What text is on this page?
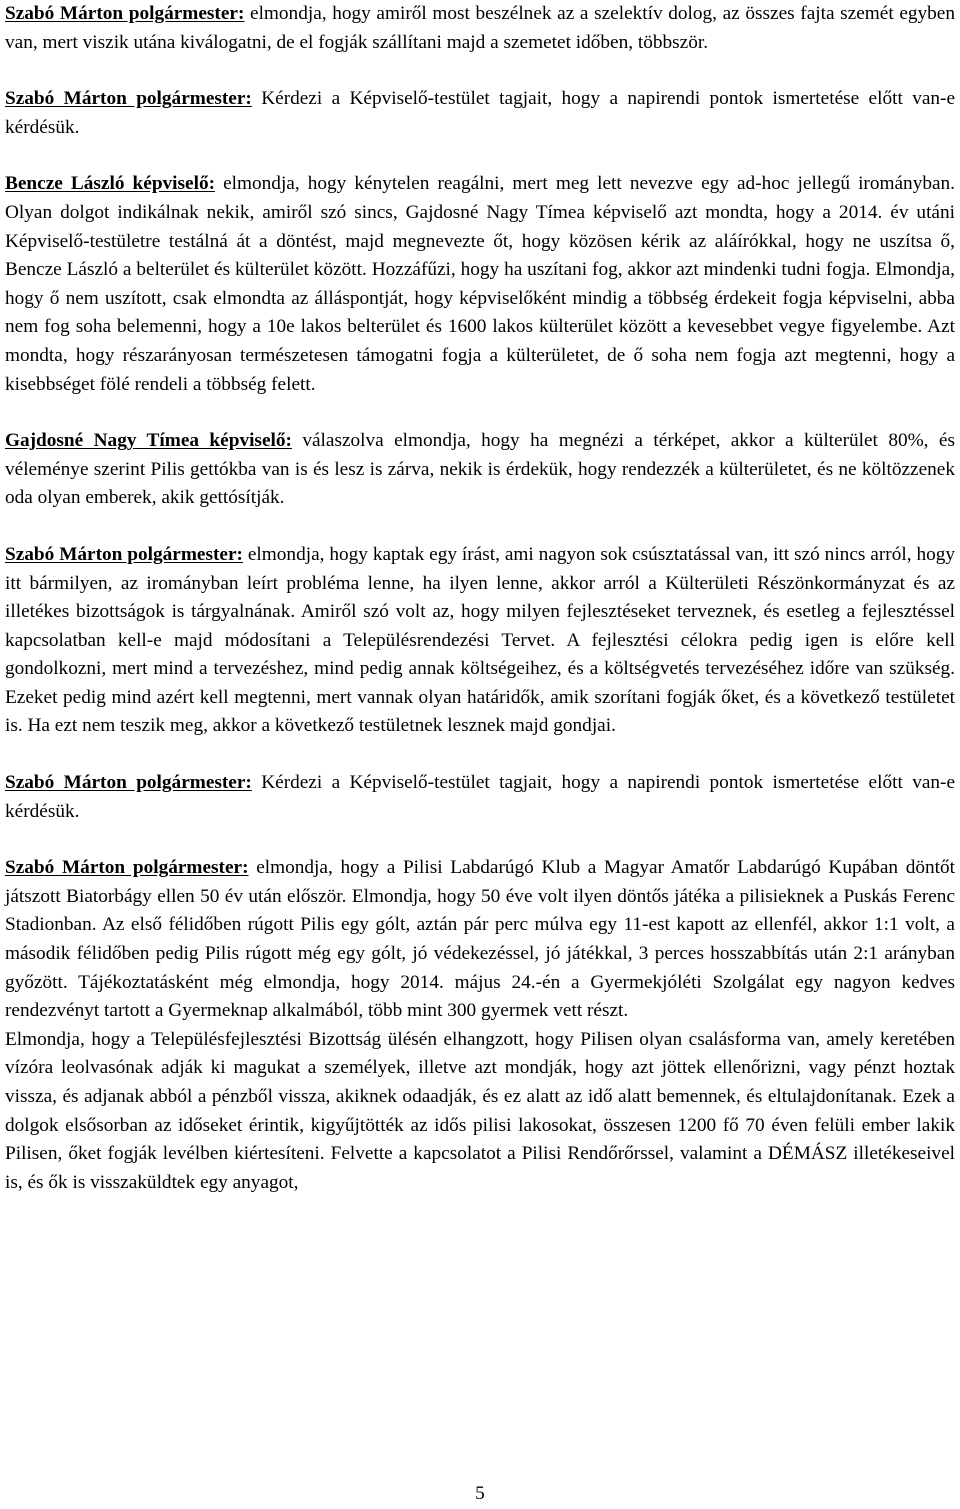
Szabó Márton polgármester: elmondja, hogy amiről most beszélnek az a szelektív dolog, az összes fajta szemét egyben van, mert viszik utána kiválogatni, de el fogják szállítani majd a szemetet időben, többször.

Szabó Márton polgármester: Kérdezi a Képviselő-testület tagjait, hogy a napirendi pontok ismertetése előtt van-e kérdésük.

Bencze László képviselő: elmondja, hogy kénytelen reagálni, mert meg lett nevezve egy ad-hoc jellegű irományban. Olyan dolgot indikálnak nekik, amiről szó sincs, Gajdosné Nagy Tímea képviselő azt mondta, hogy a 2014. év utáni Képviselő-testületre testálná át a döntést, majd megnevezte őt, hogy közösen kérik az aláírókkal, hogy ne uszítsa ő, Bencze László a belterület és külterület között. Hozzáfűzi, hogy ha uszítani fog, akkor azt mindenki tudni fogja. Elmondja, hogy ő nem uszított, csak elmondta az álláspontját, hogy képviselőként mindig a többség érdekeit fogja képviselni, abba nem fog soha belemenni, hogy a 10e lakos belterület és 1600 lakos külterület között a kevesebbet vegye figyelembe. Azt mondta, hogy részarányosan természetesen támogatni fogja a külterületet, de ő soha nem fogja azt megtenni, hogy a kisebbséget fölé rendeli a többség felett.

Gajdosné Nagy Tímea képviselő: válaszolva elmondja, hogy ha megnézi a térképet, akkor a külterület 80%, és véleménye szerint Pilis gettókba van is és lesz is zárva, nekik is érdekük, hogy rendezzék a külterületet, és ne költözzenek oda olyan emberek, akik gettósítják.

Szabó Márton polgármester: elmondja, hogy kaptak egy írást, ami nagyon sok csúsztatással van, itt szó nincs arról, hogy itt bármilyen, az irományban leírt probléma lenne, ha ilyen lenne, akkor arról a Külterületi Részönkormányzat és az illetékes bizottságok is tárgyalnának. Amiről szó volt az, hogy milyen fejlesztéseket terveznek, és esetleg a fejlesztéssel kapcsolatban kell-e majd módosítani a Településrendezési Tervet. A fejlesztési célokra pedig igen is előre kell gondolkozni, mert mind a tervezéshez, mind pedig annak költségeihez, és a költségvetés tervezéséhez időre van szükség. Ezeket pedig mind azért kell megtenni, mert vannak olyan határidők, amik szorítani fogják őket, és a következő testületet is. Ha ezt nem teszik meg, akkor a következő testületnek lesznek majd gondjai.

Szabó Márton polgármester: Kérdezi a Képviselő-testület tagjait, hogy a napirendi pontok ismertetése előtt van-e kérdésük.

Szabó Márton polgármester: elmondja, hogy a Pilisi Labdarúgó Klub a Magyar Amatőr Labdarúgó Kupában döntőt játszott Biatorbágy ellen 50 év után először. Elmondja, hogy 50 éve volt ilyen döntős játéka a pilisieknek a Puskás Ferenc Stadionban. Az első félidőben rúgott Pilis egy gólt, aztán pár perc múlva egy 11-est kapott az ellenfél, akkor 1:1 volt, a második félidőben pedig Pilis rúgott még egy gólt, jó védekezéssel, jó játékkal, 3 perces hosszabbítás után 2:1 arányban győzött. Tájékoztatásként még elmondja, hogy 2014. május 24.-én a Gyermekjóléti Szolgálat egy nagyon kedves rendezvényt tartott a Gyermeknap alkalmából, több mint 300 gyermek vett részt.

Elmondja, hogy a Településfejlesztési Bizottság ülésén elhangzott, hogy Pilisen olyan csalásforma van, amely keretében vízóra leolvasónak adják ki magukat a személyek, illetve azt mondják, hogy azt jöttek ellenőrizni, vagy pénzt hoztak vissza, és adjanak abból a pénzből vissza, akiknek odaadják, és ez alatt az idő alatt bemennek, és eltulajdonítanak. Ezek a dolgok elsősorban az időseket érintik, kigyűjtötték az idős pilisi lakosokat, összesen 1200 fő 70 éven felüli ember lakik Pilisen, őket fogják levélben kiértesíteni. Felvette a kapcsolatot a Pilisi Rendőrőrssel, valamint a DÉMÁSZ illetékeseivel is, és ők is visszaküldtek egy anyagot,

5
